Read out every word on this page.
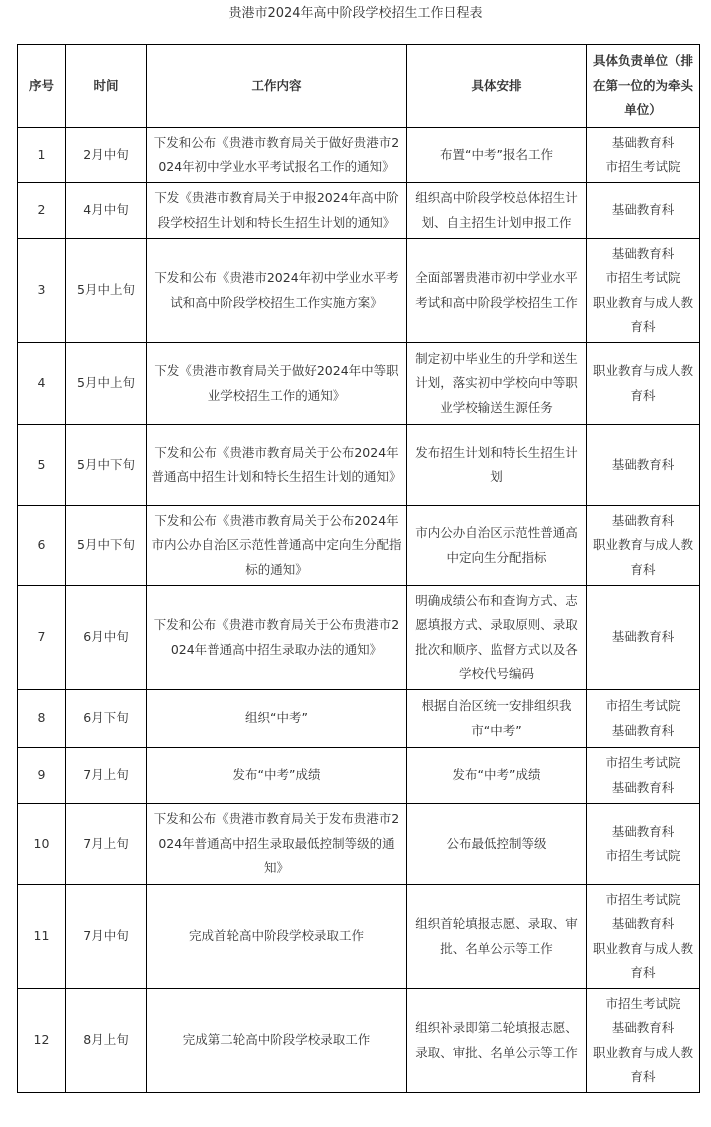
贵港市2024年高中阶段学校招生工作日程表
序号	时间	工作内容	具体安排	具体负责单位（排在第一位的为牵头单位）
1	2月中旬	下发和公布《贵港市教育局关于做好贵港市2024年初中学业水平考试报名工作的通知》	布置“中考”报名工作	基础教育科
市招生考试院

2	4月中旬	下发《贵港市教育局关于申报2024年高中阶段学校招生计划和特长生招生计划的通知》	组织高中阶段学校总体招生计划、自主招生计划申报工作	基础教育科

3	5月中上旬	下发和公布《贵港市2024年初中学业水平考试和高中阶段学校招生工作实施方案》	全面部署贵港市初中学业水平考试和高中阶段学校招生工作	基础教育科
市招生考试院
职业教育与成人教育科

4	5月中上旬	下发《贵港市教育局关于做好2024年中等职业学校招生工作的通知》	制定初中毕业生的升学和送生计划，落实初中学校向中等职业学校输送生源任务	职业教育与成人教育科

5	5月中下旬	下发和公布《贵港市教育局关于公布2024年普通高中招生计划和特长生招生计划的通知》	发布招生计划和特长生招生计划	基础教育科

6	5月中下旬	下发和公布《贵港市教育局关于公布2024年市内公办自治区示范性普通高中定向生分配指标的通知》	市内公办自治区示范性普通高中定向生分配指标	基础教育科
职业教育与成人教育科

7	6月中旬	下发和公布《贵港市教育局关于公布贵港市2024年普通高中招生录取办法的通知》	明确成绩公布和查询方式、志愿填报方式、录取原则、录取批次和顺序、监督方式以及各学校代号编码	基础教育科

8	6月下旬	组织“中考”	根据自治区统一安排组织我市“中考”	市招生考试院
基础教育科

9	7月上旬	发布“中考”成绩	发布“中考”成绩	市招生考试院
基础教育科

10	7月上旬	下发和公布《贵港市教育局关于发布贵港市2024年普通高中招生录取最低控制等级的通知》	公布最低控制等级	基础教育科
市招生考试院

11	7月中旬	完成首轮高中阶段学校录取工作	组织首轮填报志愿、录取、审批、名单公示等工作	市招生考试院
基础教育科
职业教育与成人教育科

12	8月上旬	完成第二轮高中阶段学校录取工作	组织补录即第二轮填报志愿、录取、审批、名单公示等工作	市招生考试院
基础教育科
职业教育与成人教育科
